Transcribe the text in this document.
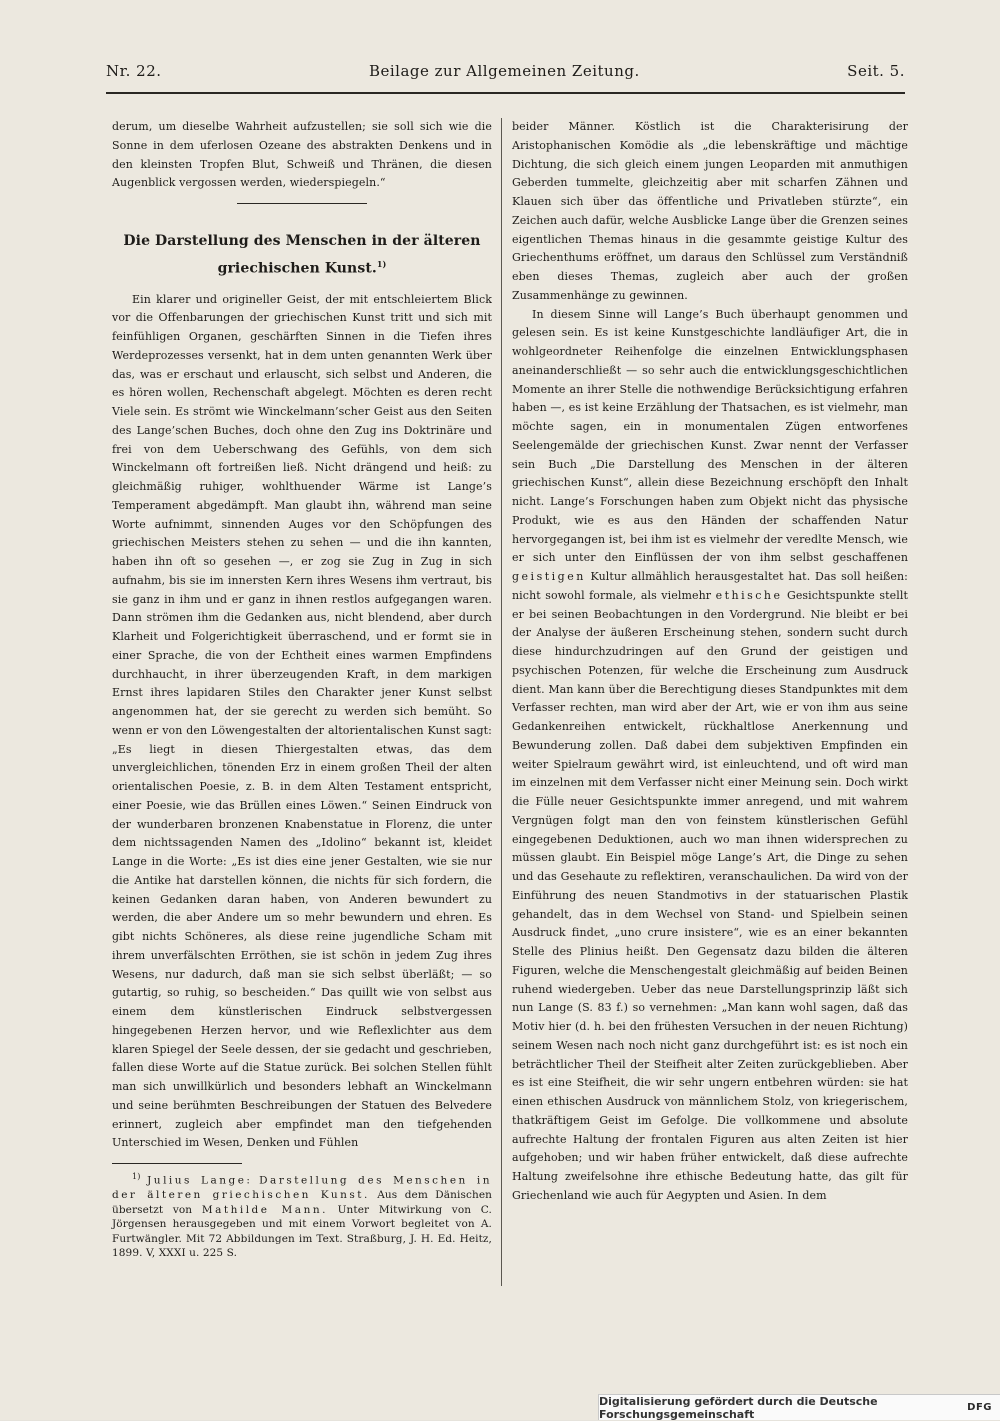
Nr. 22.	Beilage zur Allgemeinen Zeitung.	Seit. 5.

derum, um dieselbe Wahrheit aufzustellen; sie soll sich wie die Sonne in dem uferlosen Ozeane des abstrakten Denkens und in den kleinsten Tropfen Blut, Schweiß und Thränen, die diesen Augenblick vergossen werden, wiederspiegeln.“

Die Darstellung des Menschen in der älteren griechischen Kunst.$^{1)}$

Ein klarer und origineller Geist, der mit entschleiertem Blick vor die Offenbarungen der griechischen Kunst tritt und sich mit feinfühligen Organen, geschärften Sinnen in die Tiefen ihres Werdeprozesses versenkt, hat in dem unten genannten Werk über das, was er erschaut und erlauscht, sich selbst und Anderen, die es hören wollen, Rechenschaft abgelegt. Möchten es deren recht Viele sein. Es strömt wie Winckelmann’scher Geist aus den Seiten des Lange’schen Buches, doch ohne den Zug ins Doktrinäre und frei von dem Ueberschwang des Gefühls, von dem sich Winckelmann oft fortreißen ließ. Nicht drängend und heiß: zu gleichmäßig ruhiger, wohlthuender Wärme ist Lange’s Temperament abgedämpft. Man glaubt ihn, während man seine Worte aufnimmt, sinnenden Auges vor den Schöpfungen des griechischen Meisters stehen zu sehen — und die ihn kannten, haben ihn oft so gesehen —, er zog sie Zug in Zug in sich aufnahm, bis sie im innersten Kern ihres Wesens ihm vertraut, bis sie ganz in ihm und er ganz in ihnen restlos aufgegangen waren. Dann strömen ihm die Gedanken aus, nicht blendend, aber durch Klarheit und Folgerichtigkeit überraschend, und er formt sie in einer Sprache, die von der Echtheit eines warmen Empfindens durchhaucht, in ihrer überzeugenden Kraft, in dem markigen Ernst ihres lapidaren Stiles den Charakter jener Kunst selbst angenommen hat, der sie gerecht zu werden sich bemüht. So wenn er von den Löwengestalten der altorientalischen Kunst sagt: „Es liegt in diesen Thiergestalten etwas, das dem unvergleichlichen, tönenden Erz in einem großen Theil der alten orientalischen Poesie, z. B. in dem Alten Testament entspricht, einer Poesie, wie das Brüllen eines Löwen.“ Seinen Eindruck von der wunderbaren bronzenen Knabenstatue in Florenz, die unter dem nichtssagenden Namen des „Idolino“ bekannt ist, kleidet Lange in die Worte: „Es ist dies eine jener Gestalten, wie sie nur die Antike hat darstellen können, die nichts für sich fordern, die keinen Gedanken daran haben, von Anderen bewundert zu werden, die aber Andere um so mehr bewundern und ehren. Es gibt nichts Schöneres, als diese reine jugendliche Scham mit ihrem unverfälschten Erröthen, sie ist schön in jedem Zug ihres Wesens, nur dadurch, daß man sie sich selbst überläßt; — so gutartig, so ruhig, so bescheiden.“ Das quillt wie von selbst aus einem dem künstlerischen Eindruck selbstvergessen hingegebenen Herzen hervor, und wie Reflexlichter aus dem klaren Spiegel der Seele dessen, der sie gedacht und geschrieben, fallen diese Worte auf die Statue zurück. Bei solchen Stellen fühlt man sich unwillkürlich und besonders lebhaft an Winckelmann und seine berühmten Beschreibungen der Statuen des Belvedere erinnert, zugleich aber empfindet man den tiefgehenden Unterschied im Wesen, Denken und Fühlen

$^{1)}$ Julius Lange: Darstellung des Menschen in der älteren griechischen Kunst. Aus dem Dänischen übersetzt von Mathilde Mann. Unter Mitwirkung von C. Jörgensen herausgegeben und mit einem Vorwort begleitet von A. Furtwängler. Mit 72 Abbildungen im Text. Straßburg, J. H. Ed. Heitz, 1899. V, XXXI u. 225 S.

beider Männer. Köstlich ist die Charakterisirung der Aristophanischen Komödie als „die lebenskräftige und mächtige Dichtung, die sich gleich einem jungen Leoparden mit anmuthigen Geberden tummelte, gleichzeitig aber mit scharfen Zähnen und Klauen sich über das öffentliche und Privatleben stürzte“, ein Zeichen auch dafür, welche Ausblicke Lange über die Grenzen seines eigentlichen Themas hinaus in die gesammte geistige Kultur des Griechenthums eröffnet, um daraus den Schlüssel zum Verständniß eben dieses Themas, zugleich aber auch der großen Zusammenhänge zu gewinnen.

In diesem Sinne will Lange’s Buch überhaupt genommen und gelesen sein. Es ist keine Kunstgeschichte landläufiger Art, die in wohlgeordneter Reihenfolge die einzelnen Entwicklungsphasen aneinanderschließt — so sehr auch die entwicklungsgeschichtlichen Momente an ihrer Stelle die nothwendige Berücksichtigung erfahren haben —, es ist keine Erzählung der Thatsachen, es ist vielmehr, man möchte sagen, ein in monumentalen Zügen entworfenes Seelengemälde der griechischen Kunst. Zwar nennt der Verfasser sein Buch „Die Darstellung des Menschen in der älteren griechischen Kunst“, allein diese Bezeichnung erschöpft den Inhalt nicht. Lange’s Forschungen haben zum Objekt nicht das physische Produkt, wie es aus den Händen der schaffenden Natur hervorgegangen ist, bei ihm ist es vielmehr der veredlte Mensch, wie er sich unter den Einflüssen der von ihm selbst geschaffenen geistigen Kultur allmählich herausgestaltet hat. Das soll heißen: nicht sowohl formale, als vielmehr ethische Gesichtspunkte stellt er bei seinen Beobachtungen in den Vordergrund. Nie bleibt er bei der Analyse der äußeren Erscheinung stehen, sondern sucht durch diese hindurchzudringen auf den Grund der geistigen und psychischen Potenzen, für welche die Erscheinung zum Ausdruck dient. Man kann über die Berechtigung dieses Standpunktes mit dem Verfasser rechten, man wird aber der Art, wie er von ihm aus seine Gedankenreihen entwickelt, rückhaltlose Anerkennung und Bewunderung zollen. Daß dabei dem subjektiven Empfinden ein weiter Spielraum gewährt wird, ist einleuchtend, und oft wird man im einzelnen mit dem Verfasser nicht einer Meinung sein. Doch wirkt die Fülle neuer Gesichtspunkte immer anregend, und mit wahrem Vergnügen folgt man den von feinstem künstlerischen Gefühl eingegebenen Deduktionen, auch wo man ihnen widersprechen zu müssen glaubt. Ein Beispiel möge Lange’s Art, die Dinge zu sehen und das Gesehaute zu reflektiren, veranschaulichen. Da wird von der Einführung des neuen Standmotivs in der statuarischen Plastik gehandelt, das in dem Wechsel von Stand- und Spielbein seinen Ausdruck findet, „uno crure insistere“, wie es an einer bekannten Stelle des Plinius heißt. Den Gegensatz dazu bilden die älteren Figuren, welche die Menschengestalt gleichmäßig auf beiden Beinen ruhend wiedergeben. Ueber das neue Darstellungsprinzip läßt sich nun Lange (S. 83 f.) so vernehmen: „Man kann wohl sagen, daß das Motiv hier (d. h. bei den frühesten Versuchen in der neuen Richtung) seinem Wesen nach noch nicht ganz durchgeführt ist: es ist noch ein beträchtlicher Theil der Steifheit alter Zeiten zurückgeblieben. Aber es ist eine Steifheit, die wir sehr ungern entbehren würden: sie hat einen ethischen Ausdruck von männlichem Stolz, von kriegerischem, thatkräftigem Geist im Gefolge. Die vollkommene und absolute aufrechte Haltung der frontalen Figuren aus alten Zeiten ist hier aufgehoben; und wir haben früher entwickelt, daß diese aufrechte Haltung zweifelsohne ihre ethische Bedeutung hatte, das gilt für Griechenland wie auch für Aegypten und Asien. In dem

Digitalisierung gefördert durch die Deutsche Forschungsgemeinschaft	DFG
